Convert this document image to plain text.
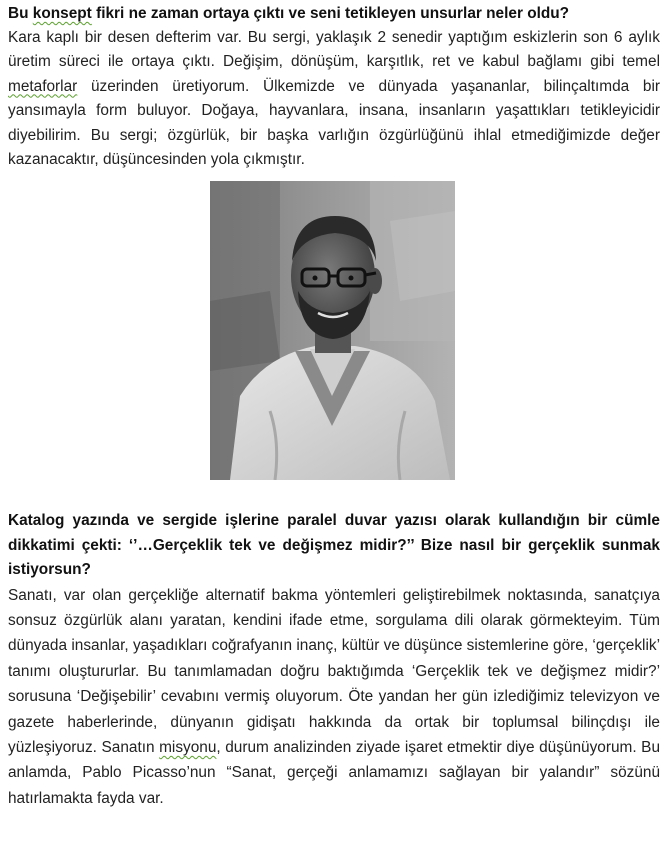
Bu konsept fikri ne zaman ortaya çıktı ve seni tetikleyen unsurlar neler oldu?

Kara kaplı bir desen defterim var. Bu sergi, yaklaşık 2 senedir yaptığım eskizlerin son 6 aylık üretim süreci ile ortaya çıktı. Değişim, dönüşüm, karşıtlık, ret ve kabul bağlamı gibi temel metaforlar üzerinden üretiyorum. Ülkemizde ve dünyada yaşananlar, bilinçaltımda bir yansımayla form buluyor. Doğaya, hayvanlara, insana, insanların yaşattıkları tetikleyicidir diyebilirim. Bu sergi; özgürlük, bir başka varlığın özgürlüğünü ihlal etmediğimizde değer kazanacaktır, düşüncesinden yola çıkmıştır.

Katalog yazında ve sergide işlerine paralel duvar yazısı olarak kullandığın bir cümle dikkatimi çekti: ‘’…Gerçeklik tek ve değişmez midir?’’ Bize nasıl bir gerçeklik sunmak istiyorsun?

Sanatı, var olan gerçekliğe alternatif bakma yöntemleri geliştirebilmek noktasında, sanatçıya sonsuz özgürlük alanı yaratan, kendini ifade etme, sorgulama dili olarak görmekteyim. Tüm dünyada insanlar, yaşadıkları coğrafyanın inanç, kültür ve düşünce sistemlerine göre, ‘gerçeklik’ tanımı oluştururlar. Bu tanımlamadan doğru baktığımda ‘Gerçeklik tek ve değişmez midir?’ sorusuna ‘Değişebilir’ cevabını vermiş oluyorum. Öte yandan her gün izlediğimiz televizyon ve gazete haberlerinde, dünyanın gidişatı hakkında da ortak bir toplumsal bilinçdışı ile yüzleşiyoruz. Sanatın misyonu, durum analizinden ziyade işaret etmektir diye düşünüyorum. Bu anlamda, Pablo Picasso’nun “Sanat, gerçeği anlamamızı sağlayan bir yalandır” sözünü hatırlamakta fayda var.
